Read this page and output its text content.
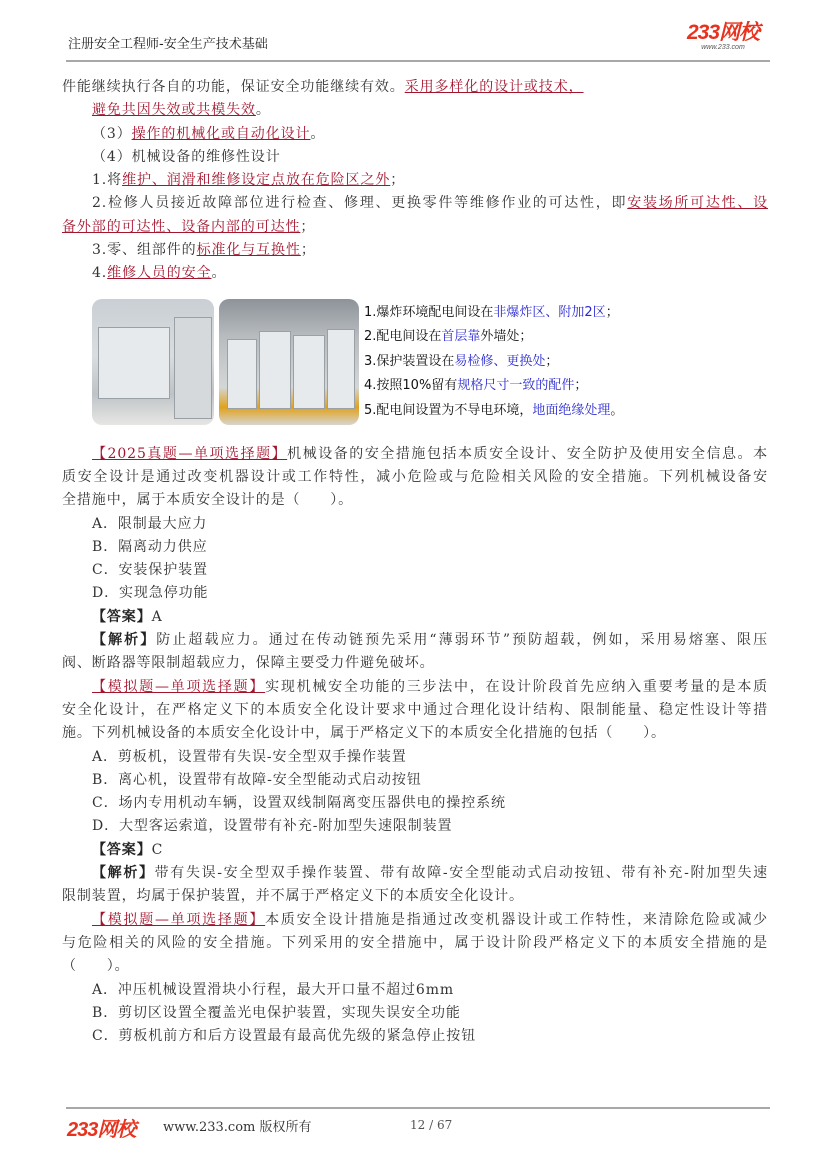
注册安全工程师-安全生产技术基础
233网校
www.233.com
件能继续执行各自的功能，保证安全功能继续有效。采用多样化的设计或技术，
避免共因失效或共模失效。
（3）操作的机械化或自动化设计。
（4）机械设备的维修性设计
1.将维护、润滑和维修设定点放在危险区之外；
2.检修人员接近故障部位进行检查、修理、更换零件等维修作业的可达性，即安装场所可达性、设
备外部的可达性、设备内部的可达性；
3.零、组部件的标准化与互换性；
4.维修人员的安全。
1.爆炸环境配电间设在非爆炸区、附加2区；
2.配电间设在首层靠外墙处；
3.保护装置设在易检修、更换处；
4.按照10%留有规格尺寸一致的配件；
5.配电间设置为不导电环境，地面绝缘处理。
【2025真题—单项选择题】机械设备的安全措施包括本质安全设计、安全防护及使用安全信息。本
质安全设计是通过改变机器设计或工作特性，减小危险或与危险相关风险的安全措施。下列机械设备安
全措施中，属于本质安全设计的是（　　）。
A．限制最大应力
B．隔离动力供应
C．安装保护装置
D．实现急停功能
【答案】A
【解析】防止超载应力。通过在传动链预先采用“薄弱环节”预防超载，例如，采用易熔塞、限压
阀、断路器等限制超载应力，保障主要受力件避免破坏。
【模拟题—单项选择题】实现机械安全功能的三步法中，在设计阶段首先应纳入重要考量的是本质
安全化设计，在严格定义下的本质安全化设计要求中通过合理化设计结构、限制能量、稳定性设计等措
施。下列机械设备的本质安全化设计中，属于严格定义下的本质安全化措施的包括（　　）。
A．剪板机，设置带有失误-安全型双手操作装置
B．离心机，设置带有故障-安全型能动式启动按钮
C．场内专用机动车辆，设置双线制隔离变压器供电的操控系统
D．大型客运索道，设置带有补充-附加型失速限制装置
【答案】C
【解析】带有失误-安全型双手操作装置、带有故障-安全型能动式启动按钮、带有补充-附加型失速
限制装置，均属于保护装置，并不属于严格定义下的本质安全化设计。
【模拟题—单项选择题】本质安全设计措施是指通过改变机器设计或工作特性，来清除危险或减少
与危险相关的风险的安全措施。下列采用的安全措施中，属于设计阶段严格定义下的本质安全措施的是
（　　）。
A．冲压机械设置滑块小行程，最大开口量不超过6mm
B．剪切区设置全覆盖光电保护装置，实现失误安全功能
C．剪板机前方和后方设置最有最高优先级的紧急停止按钮
233网校 www.233.com 版权所有	12 / 67
